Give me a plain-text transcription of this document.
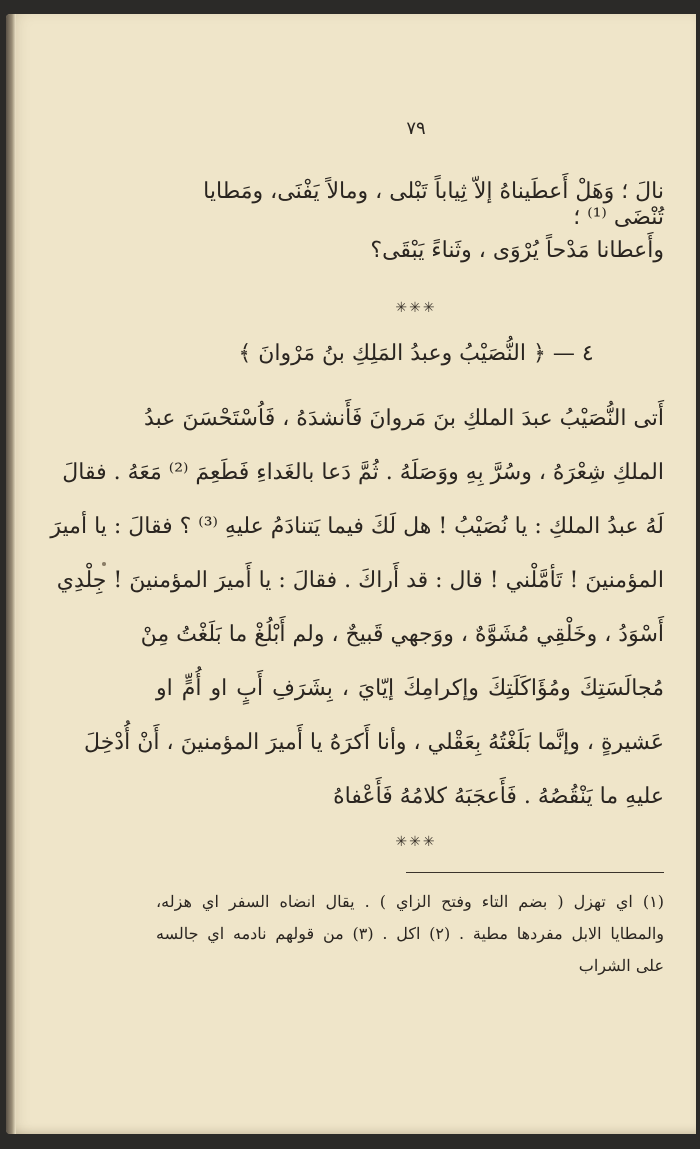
٧٩
نالَ ؛ وَهَلْ أَعطَيناهُ إلاّ ثِياباً تَبْلى ، ومالاً يَفْنَى، ومَطايا تُنْضَى ⁽¹⁾ ؛
وأَعطانا مَدْحاً يُرْوَى ، وثَناءً يَبْقَى؟
✳✳✳
٤ — ﴿ النُّصَيْبُ وعبدُ المَلِكِ بنُ مَرْوانَ ﴾
أَتى النُّصَيْبُ عبدَ الملكِ بنَ مَروانَ فَأَنشدَهُ ، فَاُسْتَحْسَنَ عبدُ
الملكِ شِعْرَهُ ، وسُرَّ بِهِ ووَصَلَهُ . ثُمَّ دَعا بالغَداءِ فَطَعِمَ ⁽²⁾ مَعَهُ . فقالَ
لَهُ عبدُ الملكِ : يا نُصَيْبُ ! هل لَكَ فيما يَتنادَمُ عليهِ ⁽³⁾ ؟ فقالَ : يا أميرَ
المؤمنينَ ! تَأمَّلْني ! قال : قد أَراكَ . فقالَ : يا أَميرَ المؤمنينَ ! جِلْدِي
أَسْوَدُ ، وخَلْقِي مُشَوَّهٌ ، ووَجهي قَبيحٌ ، ولم أَبْلُغْ ما بَلَغْتُ مِنْ
مُجالَسَتِكَ ومُؤَاكَلَتِكَ وإكرامِكَ إيّايَ ، بِشَرَفِ أَبٍ او أُمٍّ او
عَشيرةٍ ، وإنَّما بَلَغْتُهُ بِعَقْلي ، وأنا أَكرَهُ يا أَميرَ المؤمنينَ ، أَنْ أُدْخِلَ
عليهِ ما يَنْقُصُهُ . فَأَعجَبَهُ كلامُهُ فَأَعْفاهُ
✳✳✳
(١) اي تهزل ( بضم التاء وفتح الزاي ) . يقال انضاه السفر اي هزله،
والمطايا الابل مفردها مطية . (٢) اكل . (٣) من قولهم نادمه اي جالسه
على الشراب
